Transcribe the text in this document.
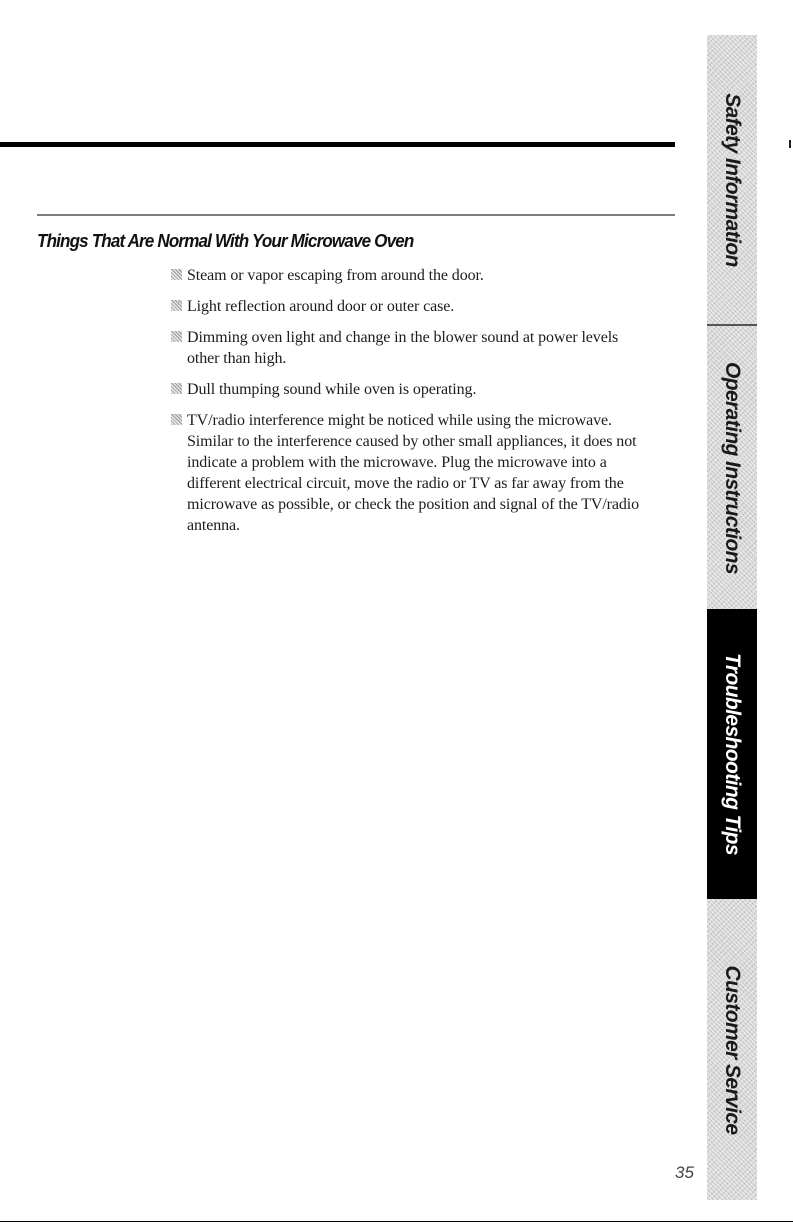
Things That Are Normal With Your Microwave Oven
Steam or vapor escaping from around the door.
Light reflection around door or outer case.
Dimming oven light and change in the blower sound at power levels other than high.
Dull thumping sound while oven is operating.
TV/radio interference might be noticed while using the microwave. Similar to the interference caused by other small appliances, it does not indicate a problem with the microwave. Plug the microwave into a different electrical circuit, move the radio or TV as far away from the microwave as possible, or check the position and signal of the TV/radio antenna.
Safety Information
Operating Instructions
Troubleshooting Tips
Customer Service
35
